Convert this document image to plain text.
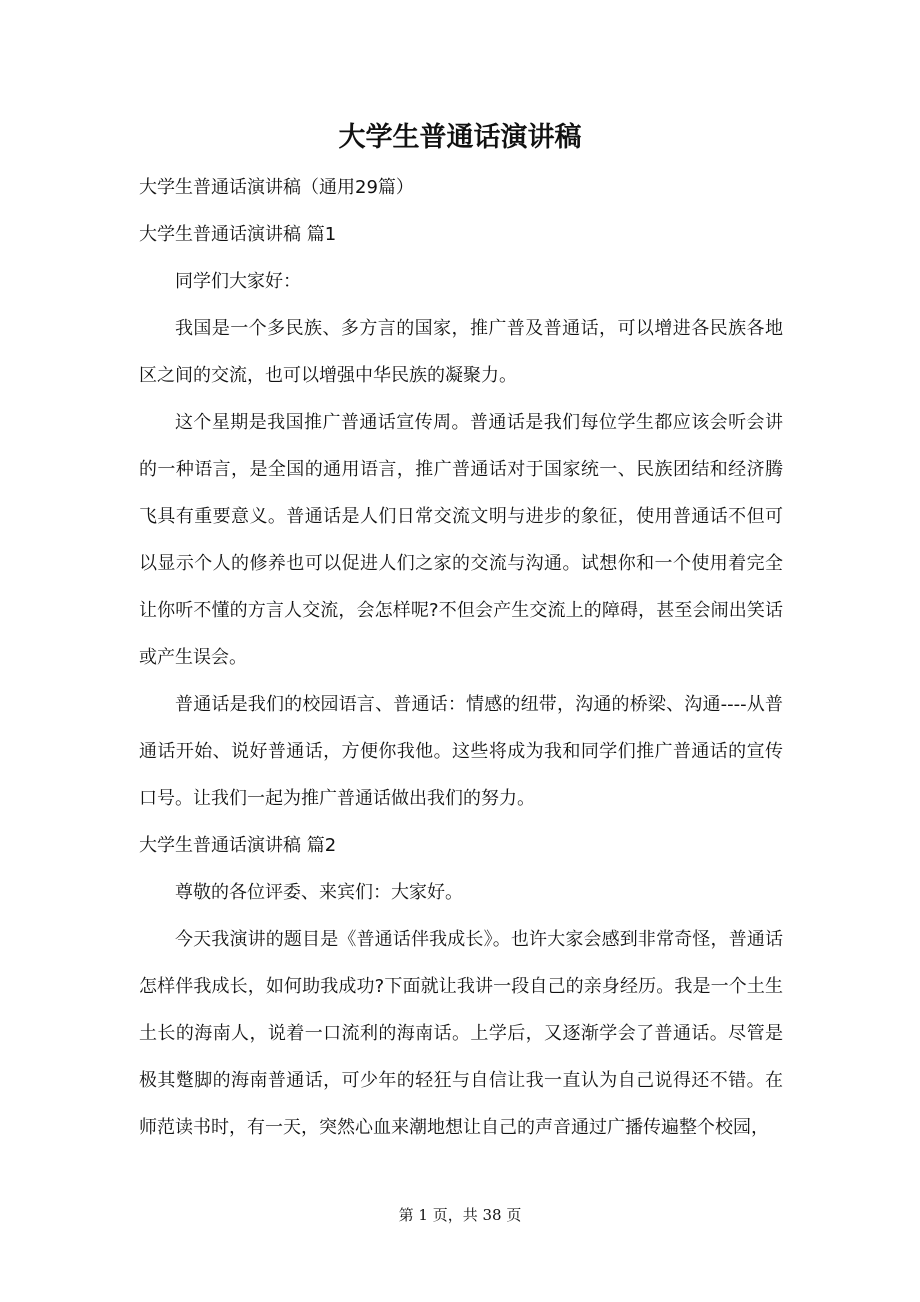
大学生普通话演讲稿

大学生普通话演讲稿（通用29篇）

大学生普通话演讲稿 篇1

同学们大家好：

我国是一个多民族、多方言的国家，推广普及普通话，可以增进各民族各地区之间的交流，也可以增强中华民族的凝聚力。

这个星期是我国推广普通话宣传周。普通话是我们每位学生都应该会听会讲的一种语言，是全国的通用语言，推广普通话对于国家统一、民族团结和经济腾飞具有重要意义。普通话是人们日常交流文明与进步的象征，使用普通话不但可以显示个人的修养也可以促进人们之家的交流与沟通。试想你和一个使用着完全让你听不懂的方言人交流，会怎样呢?不但会产生交流上的障碍，甚至会闹出笑话或产生误会。

普通话是我们的校园语言、普通话：情感的纽带，沟通的桥梁、沟通----从普通话开始、说好普通话，方便你我他。这些将成为我和同学们推广普通话的宣传口号。让我们一起为推广普通话做出我们的努力。

大学生普通话演讲稿 篇2

尊敬的各位评委、来宾们：大家好。

今天我演讲的题目是《普通话伴我成长》。也许大家会感到非常奇怪，普通话怎样伴我成长，如何助我成功?下面就让我讲一段自己的亲身经历。我是一个土生土长的海南人，说着一口流利的海南话。上学后，又逐渐学会了普通话。尽管是极其蹩脚的海南普通话，可少年的轻狂与自信让我一直认为自己说得还不错。在师范读书时，有一天，突然心血来潮地想让自己的声音通过广播传遍整个校园，

第 1 页，共 38 页
